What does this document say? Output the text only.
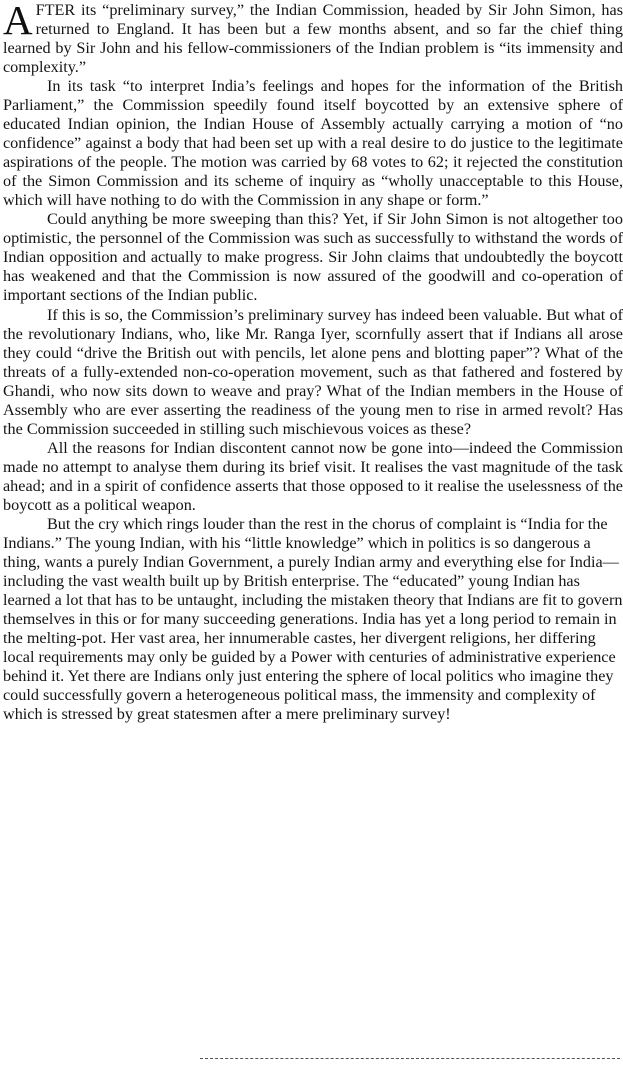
AFTER its “preliminary survey,” the Indian Commission, headed by Sir John Simon, has returned to England. It has been but a few months absent, and so far the chief thing learned by Sir John and his fellow-commissioners of the Indian problem is “its immensity and complexity.”

In its task “to interpret India’s feelings and hopes for the information of the British Parliament,” the Commission speedily found itself boycotted by an extensive sphere of educated Indian opinion, the Indian House of Assembly actually carrying a motion of “no confidence” against a body that had been set up with a real desire to do justice to the legitimate aspirations of the people. The motion was carried by 68 votes to 62; it rejected the constitution of the Simon Commission and its scheme of inquiry as “wholly unacceptable to this House, which will have nothing to do with the Commission in any shape or form.”

Could anything be more sweeping than this? Yet, if Sir John Simon is not altogether too optimistic, the personnel of the Commission was such as successfully to withstand the words of Indian opposition and actually to make progress. Sir John claims that undoubtedly the boycott has weakened and that the Commission is now assured of the goodwill and co-operation of important sections of the Indian public.

If this is so, the Commission’s preliminary survey has indeed been valuable. But what of the revolutionary Indians, who, like Mr. Ranga Iyer, scornfully assert that if Indians all arose they could “drive the British out with pencils, let alone pens and blotting paper”? What of the threats of a fully-extended non-co-operation movement, such as that fathered and fostered by Ghandi, who now sits down to weave and pray? What of the Indian members in the House of Assembly who are ever asserting the readiness of the young men to rise in armed revolt? Has the Commission succeeded in stilling such mischievous voices as these?

All the reasons for Indian discontent cannot now be gone into—indeed the Commission made no attempt to analyse them during its brief visit. It realises the vast magnitude of the task ahead; and in a spirit of confidence asserts that those opposed to it realise the uselessness of the boycott as a political weapon.

But the cry which rings louder than the rest in the chorus of complaint is “India for the Indians.” The young Indian, with his “little knowledge” which in politics is so dangerous a thing, wants a purely Indian Government, a purely Indian army and everything else for India—including the vast wealth built up by British enterprise. The “educated” young Indian has learned a lot that has to be untaught, including the mistaken theory that Indians are fit to govern themselves in this or for many succeeding generations. India has yet a long period to remain in the melting-pot. Her vast area, her innumerable castes, her divergent religions, her differing local requirements may only be guided by a Power with centuries of administrative experience behind it. Yet there are Indians only just entering the sphere of local politics who imagine they could successfully govern a heterogeneous political mass, the immensity and complexity of which is stressed by great statesmen after a mere preliminary survey!
